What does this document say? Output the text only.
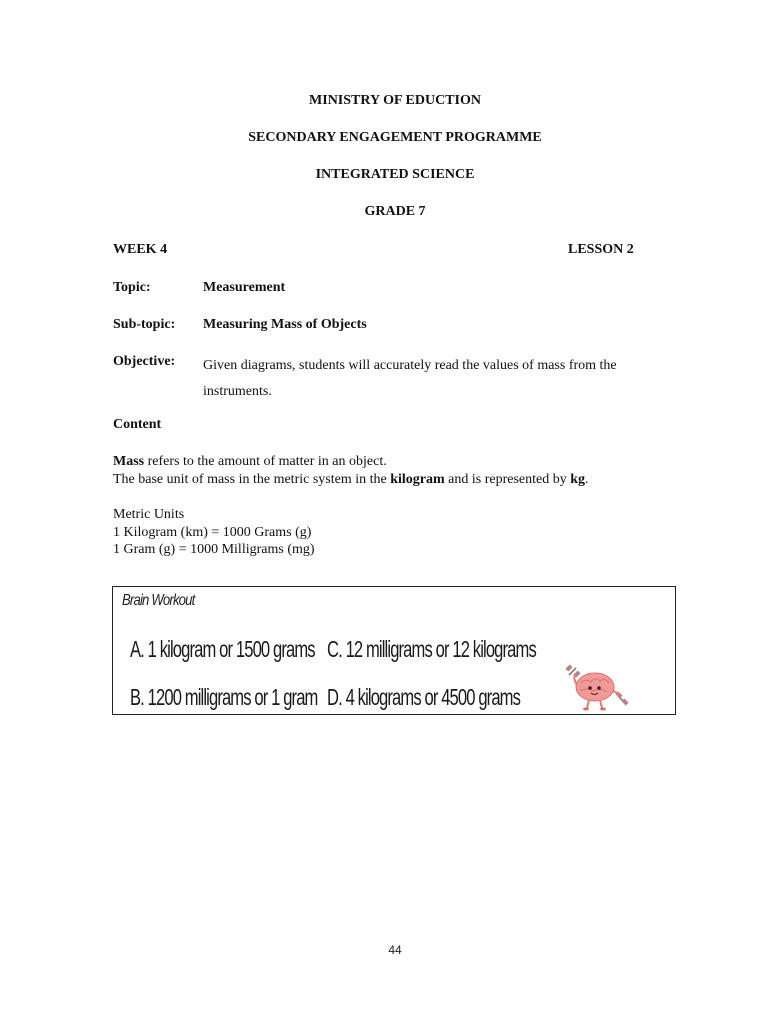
MINISTRY OF EDUCTION
SECONDARY ENGAGEMENT PROGRAMME
INTEGRATED SCIENCE
GRADE 7
WEEK 4	LESSON 2
Topic:	Measurement
Sub-topic: Measuring Mass of Objects
Objective: Given diagrams, students will accurately read the values of mass from the instruments.
Content
Mass refers to the amount of matter in an object.
The base unit of mass in the metric system in the kilogram and is represented by kg.
Metric Units
1 Kilogram (km) = 1000 Grams (g)
1 Gram (g) = 1000 Milligrams (mg)
Brain Workout
A. 1 kilogram or 1500 grams C. 12 milligrams or 12 kilograms
B. 1200 milligrams or 1 gram D. 4 kilograms or 4500 grams
44
